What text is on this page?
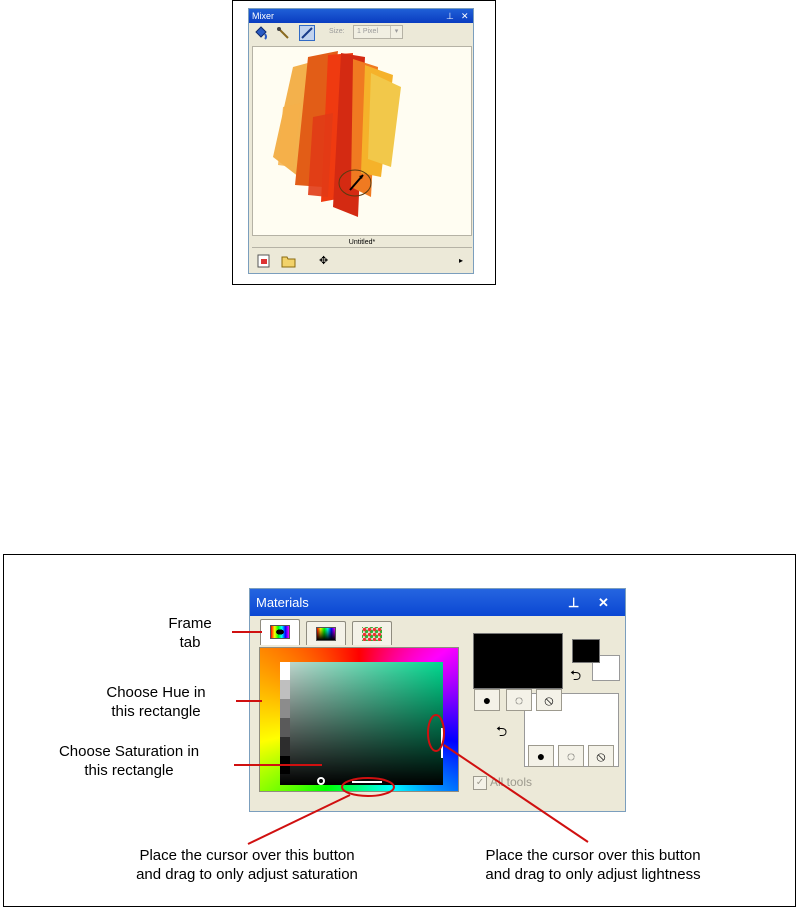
Mixer	⊥ ✕
Size:	1 Pixel	▾
Untitled*
✥	▸
Materials	⊥ ✕
⮌
⮌
●	◌	⦸
●	◌	⦸
✓ All tools
Frame
tab
Choose Hue in
this rectangle
Choose Saturation in
this rectangle
Place the cursor over this button
and drag to only adjust saturation
Place the cursor over this button
and drag to only adjust lightness
